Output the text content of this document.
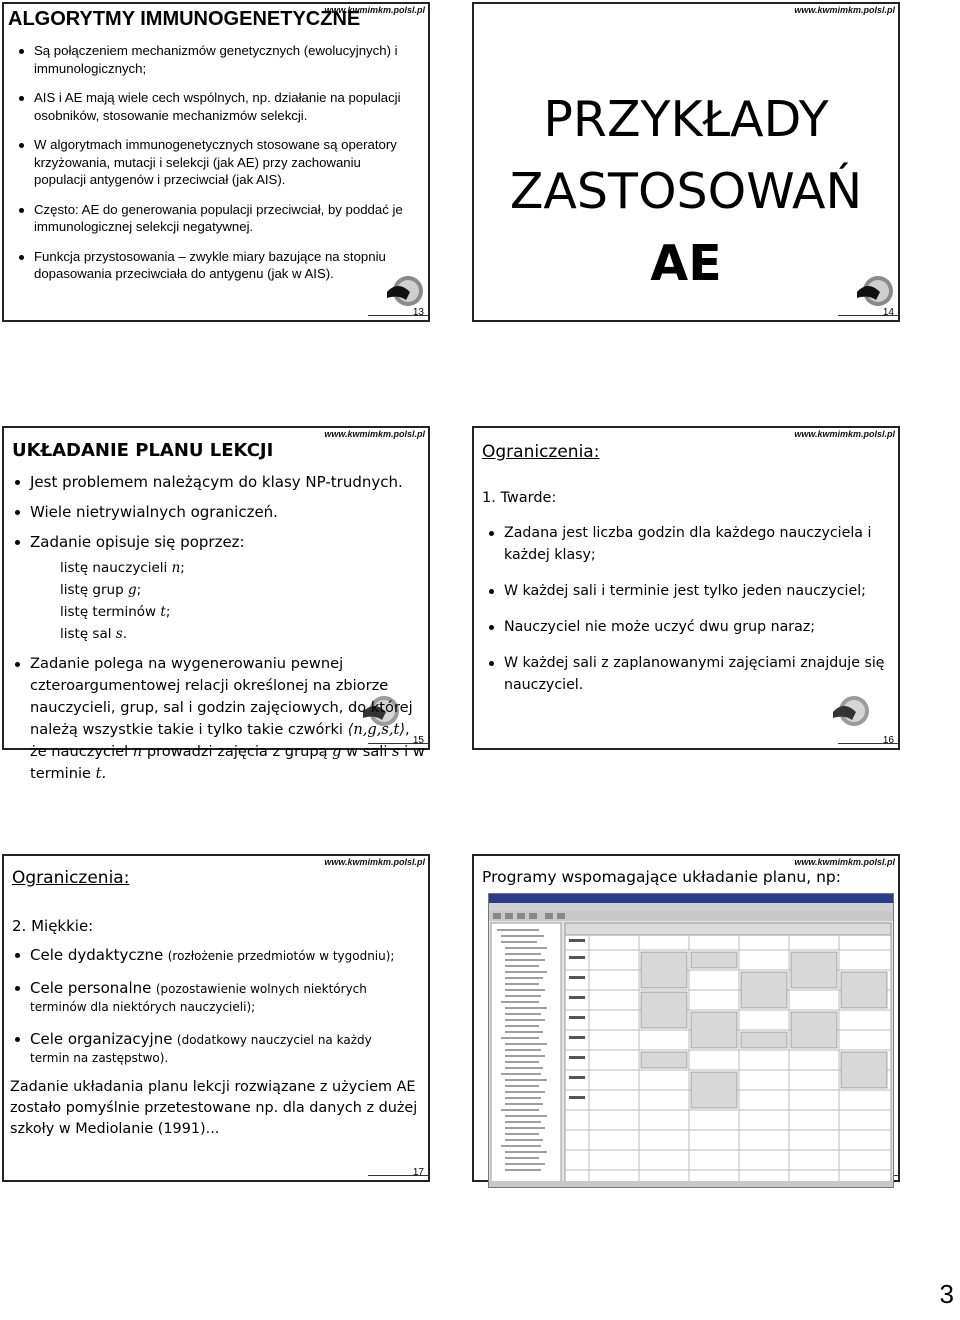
ALGORYTMY IMMUNOGENETYCZNE
www.kwmimkm.polsl.pl
Są połączeniem mechanizmów genetycznych (ewolucyjnych) i immunologicznych;
AIS i AE mają wiele cech wspólnych, np. działanie na populacji osobników, stosowanie mechanizmów selekcji.
W algorytmach immunogenetycznych stosowane są operatory krzyżowania, mutacji i selekcji (jak AE) przy zachowaniu populacji antygenów i przeciwciał (jak AIS).
Często: AE do generowania populacji przeciwciał, by poddać je immunologicznej selekcji negatywnej.
Funkcja przystosowania – zwykle miary bazujące na stopniu dopasowania przeciwciała do antygenu (jak w AIS).
13
www.kwmimkm.polsl.pl
PRZYKŁADY
ZASTOSOWAŃ
AE
14
www.kwmimkm.polsl.pl
UKŁADANIE PLANU LEKCJI
15
Jest problemem należącym do klasy NP-trudnych.
Wiele nietrywialnych ograniczeń.
Zadanie opisuje się poprzez:
listę nauczycieli n;
listę grup g;
listę terminów t;
listę sal s.
Zadanie polega na wygenerowaniu pewnej czteroargumentowej relacji określonej na zbiorze nauczycieli, grup, sal i godzin zajęciowych, do której należą wszystkie takie i tylko takie czwórki ⟨n,g,s,t⟩, że nauczyciel n prowadzi zajęcia z grupą g w sali s i w terminie t.
www.kwmimkm.polsl.pl
Ograniczenia:
1. Twarde:
16
Zadana jest liczba godzin dla każdego nauczyciela i każdej klasy;
W każdej sali i terminie jest tylko jeden nauczyciel;
Nauczyciel nie może uczyć dwu grup naraz;
W każdej sali z zaplanowanymi zajęciami znajduje się nauczyciel.
www.kwmimkm.polsl.pl
Ograniczenia:
2. Miękkie:
17
Cele dydaktyczne (rozłożenie przedmiotów w tygodniu);
Cele personalne (pozostawienie wolnych niektórych terminów dla niektórych nauczycieli);
Cele organizacyjne (dodatkowy nauczyciel na każdy termin na zastępstwo).
Zadanie układania planu lekcji rozwiązane z użyciem AE zostało pomyślnie przetestowane np. dla danych z dużej szkoły w Mediolanie (1991)...
www.kwmimkm.polsl.pl
Programy wspomagające układanie planu, np:
3
